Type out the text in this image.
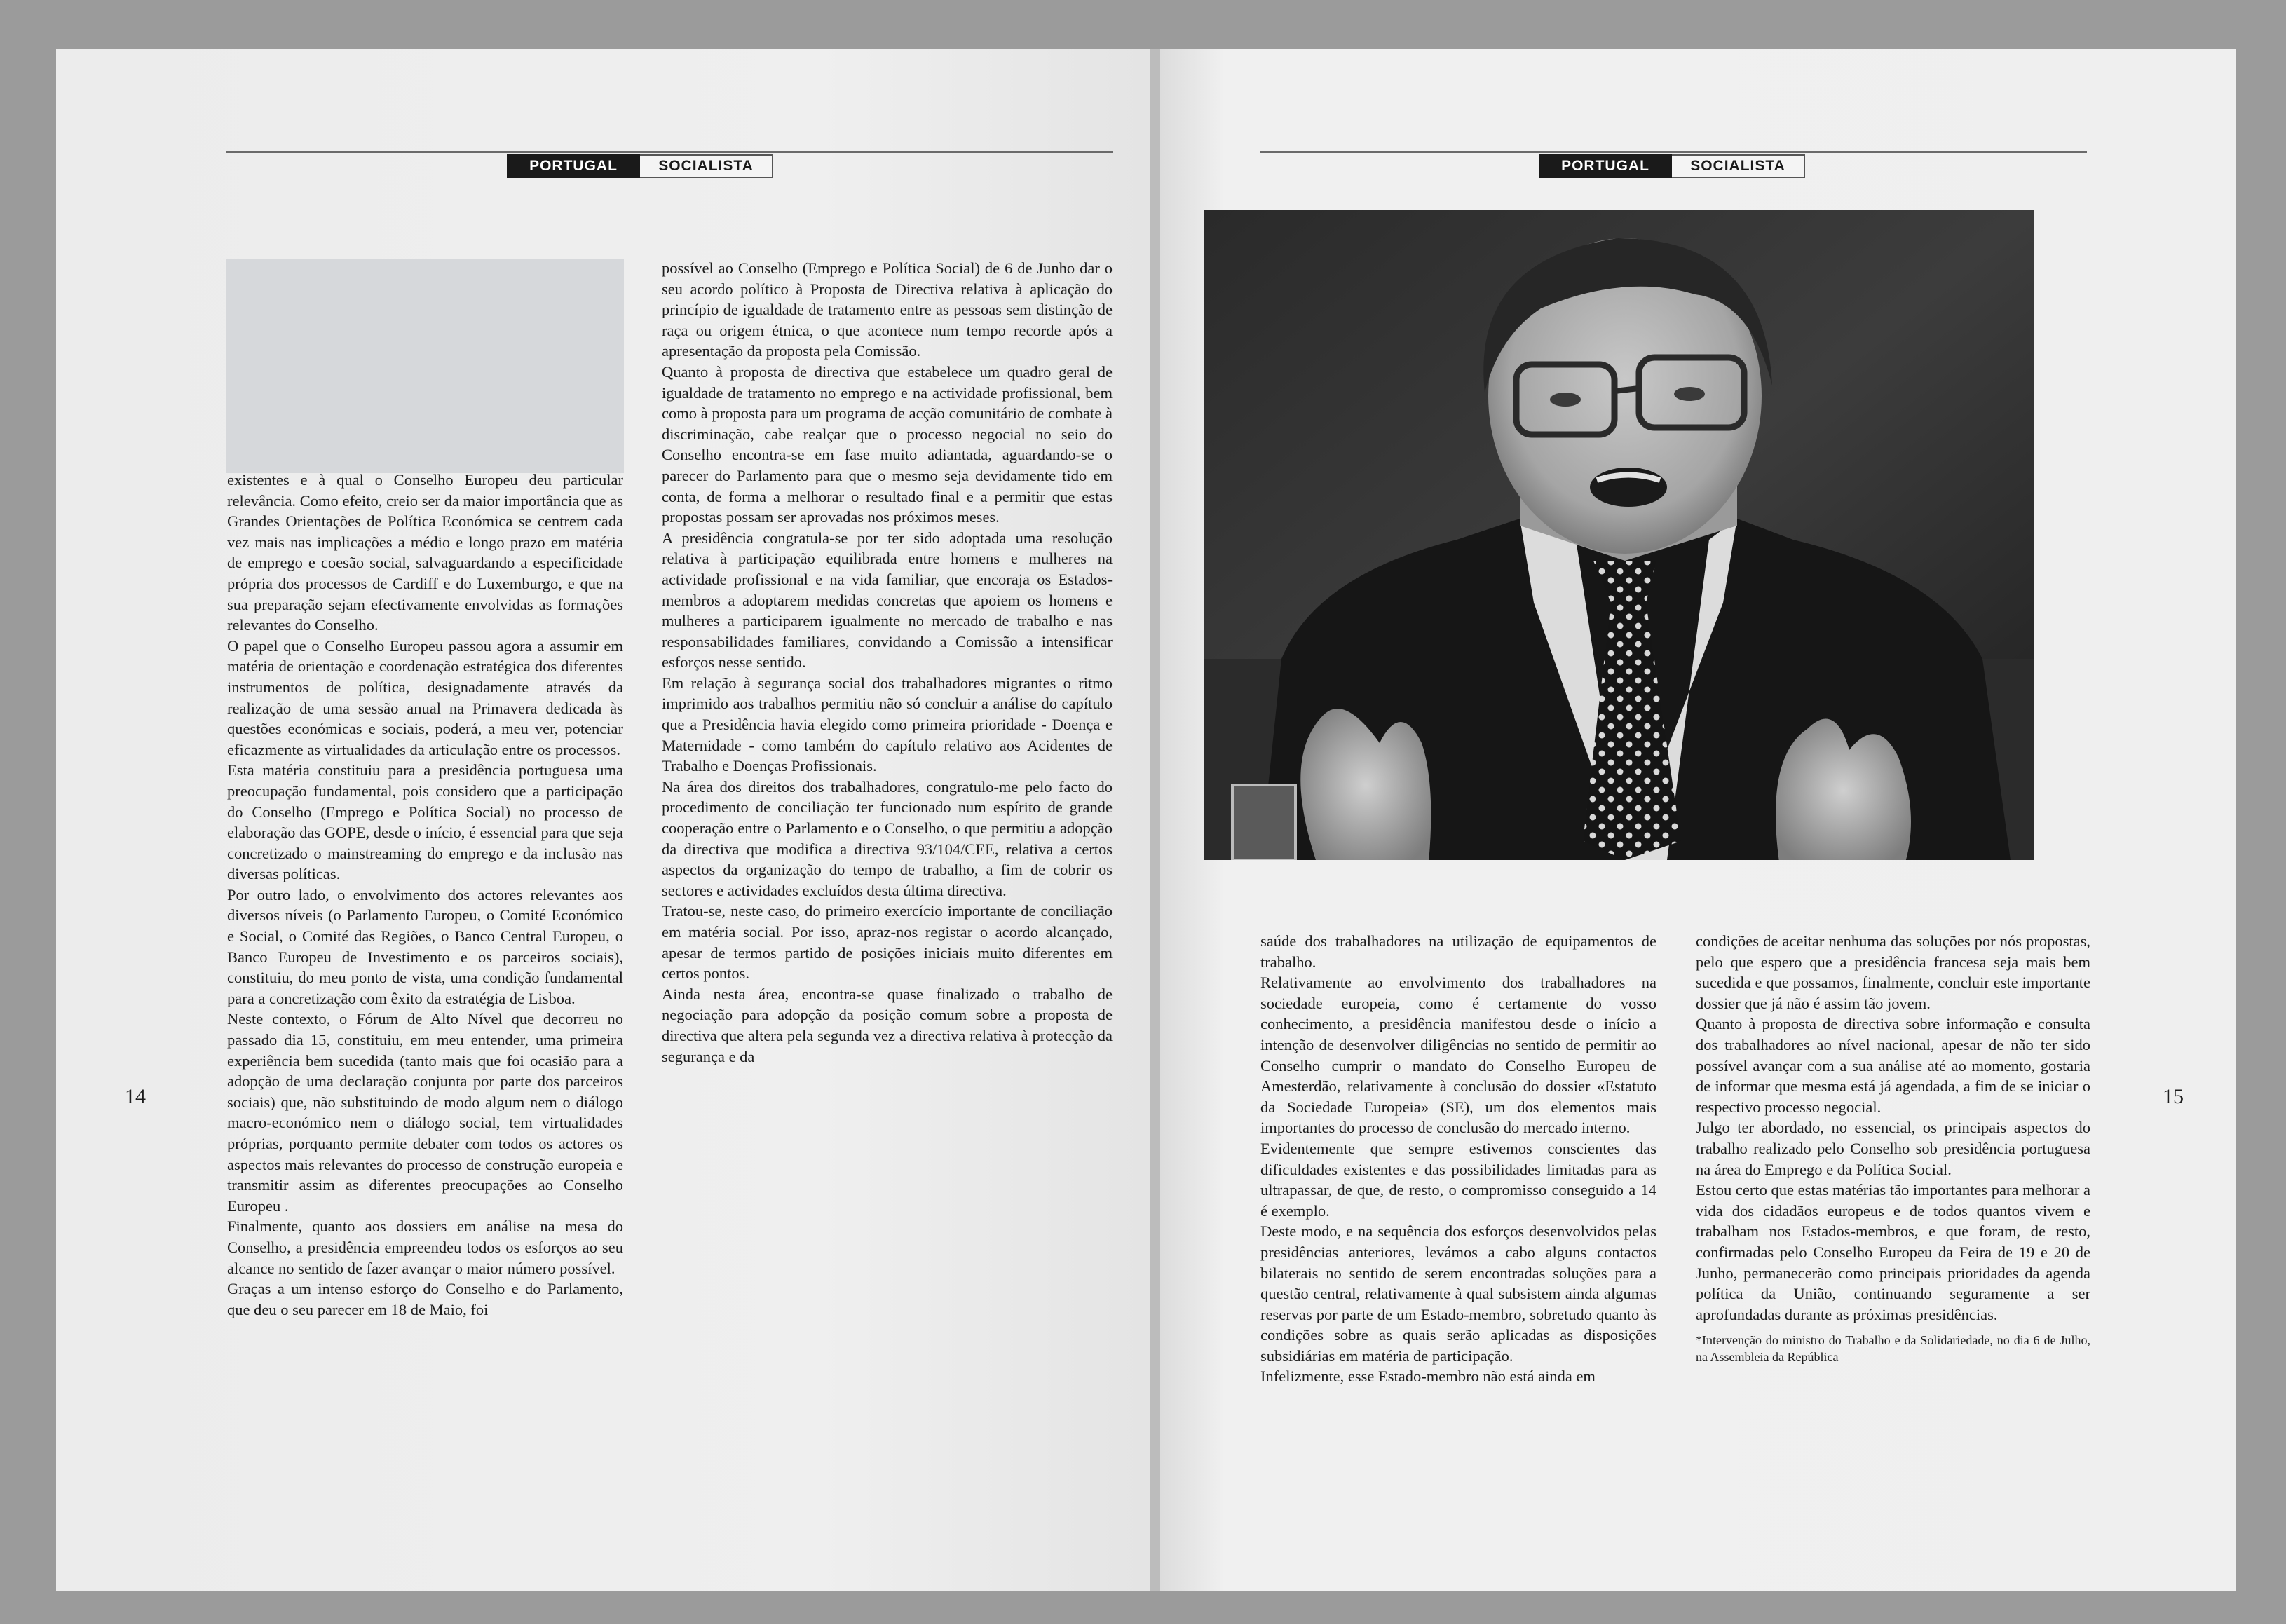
PORTUGAL	SOCIALISTA

existentes e à qual o Conselho Europeu deu particular relevância. Como efeito, creio ser da maior importância que as Grandes Orientações de Política Económica se centrem cada vez mais nas implicações a médio e longo prazo em matéria de emprego e coesão social, salvaguardando a especificidade própria dos processos de Cardiff e do Luxemburgo, e que na sua preparação sejam efectivamente envolvidas as formações relevantes do Conselho.

O papel que o Conselho Europeu passou agora a assumir em matéria de orientação e coordenação estratégica dos diferentes instrumentos de política, designadamente através da realização de uma sessão anual na Primavera dedicada às questões económicas e sociais, poderá, a meu ver, potenciar eficazmente as virtualidades da articulação entre os processos.

Esta matéria constituiu para a presidência portuguesa uma preocupação fundamental, pois considero que a participação do Conselho (Emprego e Política Social) no processo de elaboração das GOPE, desde o início, é essencial para que seja concretizado o mainstreaming do emprego e da inclusão nas diversas políticas.

Por outro lado, o envolvimento dos actores relevantes aos diversos níveis (o Parlamento Europeu, o Comité Económico e Social, o Comité das Regiões, o Banco Central Europeu, o Banco Europeu de Investimento e os parceiros sociais), constituiu, do meu ponto de vista, uma condição fundamental para a concretização com êxito da estratégia de Lisboa.

Neste contexto, o Fórum de Alto Nível que decorreu no passado dia 15, constituiu, em meu entender, uma primeira experiência bem sucedida (tanto mais que foi ocasião para a adopção de uma declaração conjunta por parte dos parceiros sociais) que, não substituindo de modo algum nem o diálogo macro-económico nem o diálogo social, tem virtualidades próprias, porquanto permite debater com todos os actores os aspectos mais relevantes do processo de construção europeia e transmitir assim as diferentes preocupações ao Conselho Europeu .

Finalmente, quanto aos dossiers em análise na mesa do Conselho, a presidência empreendeu todos os esforços ao seu alcance no sentido de fazer avançar o maior número possível.

Graças a um intenso esforço do Conselho e do Parlamento, que deu o seu parecer em 18 de Maio, foi

possível ao Conselho (Emprego e Política Social) de 6 de Junho dar o seu acordo político à Proposta de Directiva relativa à aplicação do princípio de igualdade de tratamento entre as pessoas sem distinção de raça ou origem étnica, o que acontece num tempo recorde após a apresentação da proposta pela Comissão.

Quanto à proposta de directiva que estabelece um quadro geral de igualdade de tratamento no emprego e na actividade profissional, bem como à proposta para um programa de acção comunitário de combate à discriminação, cabe realçar que o processo negocial no seio do Conselho encontra-se em fase muito adiantada, aguardando-se o parecer do Parlamento para que o mesmo seja devidamente tido em conta, de forma a melhorar o resultado final e a permitir que estas propostas possam ser aprovadas nos próximos meses.

A presidência congratula-se por ter sido adoptada uma resolução relativa à participação equilibrada entre homens e mulheres na actividade profissional e na vida familiar, que encoraja os Estados-membros a adoptarem medidas concretas que apoiem os homens e mulheres a participarem igualmente no mercado de trabalho e nas responsabilidades familiares, convidando a Comissão a intensificar esforços nesse sentido.

Em relação à segurança social dos trabalhadores migrantes o ritmo imprimido aos trabalhos permitiu não só concluir a análise do capítulo que a Presidência havia elegido como primeira prioridade - Doença e Maternidade - como também do capítulo relativo aos Acidentes de Trabalho e Doenças Profissionais.

Na área dos direitos dos trabalhadores, congratulo-me pelo facto do procedimento de conciliação ter funcionado num espírito de grande cooperação entre o Parlamento e o Conselho, o que permitiu a adopção da directiva que modifica a directiva 93/104/CEE, relativa a certos aspectos da organização do tempo de trabalho, a fim de cobrir os sectores e actividades excluídos desta última directiva.

Tratou-se, neste caso, do primeiro exercício importante de conciliação em matéria social. Por isso, apraz-nos registar o acordo alcançado, apesar de termos partido de posições iniciais muito diferentes em certos pontos.

Ainda nesta área, encontra-se quase finalizado o trabalho de negociação para adopção da posição comum sobre a proposta de directiva que altera pela segunda vez a directiva relativa à protecção da segurança e da

14
PORTUGAL	SOCIALISTA

saúde dos trabalhadores na utilização de equipamentos de trabalho.

Relativamente ao envolvimento dos trabalhadores na sociedade europeia, como é certamente do vosso conhecimento, a presidência manifestou desde o início a intenção de desenvolver diligências no sentido de permitir ao Conselho cumprir o mandato do Conselho Europeu de Amesterdão, relativamente à conclusão do dossier «Estatuto da Sociedade Europeia» (SE), um dos elementos mais importantes do processo de conclusão do mercado interno.

Evidentemente que sempre estivemos conscientes das dificuldades existentes e das possibilidades limitadas para as ultrapassar, de que, de resto, o compromisso conseguido a 14 é exemplo.

Deste modo, e na sequência dos esforços desenvolvidos pelas presidências anteriores, levámos a cabo alguns contactos bilaterais no sentido de serem encontradas soluções para a questão central, relativamente à qual subsistem ainda algumas reservas por parte de um Estado-membro, sobretudo quanto às condições sobre as quais serão aplicadas as disposições subsidiárias em matéria de participação.

Infelizmente, esse Estado-membro não está ainda em

condições de aceitar nenhuma das soluções por nós propostas, pelo que espero que a presidência francesa seja mais bem sucedida e que possamos, finalmente, concluir este importante dossier que já não é assim tão jovem.

Quanto à proposta de directiva sobre informação e consulta dos trabalhadores ao nível nacional, apesar de não ter sido possível avançar com a sua análise até ao momento, gostaria de informar que mesma está já agendada, a fim de se iniciar o respectivo processo negocial.

Julgo ter abordado, no essencial, os principais aspectos do trabalho realizado pelo Conselho sob presidência portuguesa na área do Emprego e da Política Social.

Estou certo que estas matérias tão importantes para melhorar a vida dos cidadãos europeus e de todos quantos vivem e trabalham nos Estados-membros, e que foram, de resto, confirmadas pelo Conselho Europeu da Feira de 19 e 20 de Junho, permanecerão como principais prioridades da agenda política da União, continuando seguramente a ser aprofundadas durante as próximas presidências.

*Intervenção do ministro do Trabalho e da Solidariedade, no dia 6 de Julho, na Assembleia da República

15
